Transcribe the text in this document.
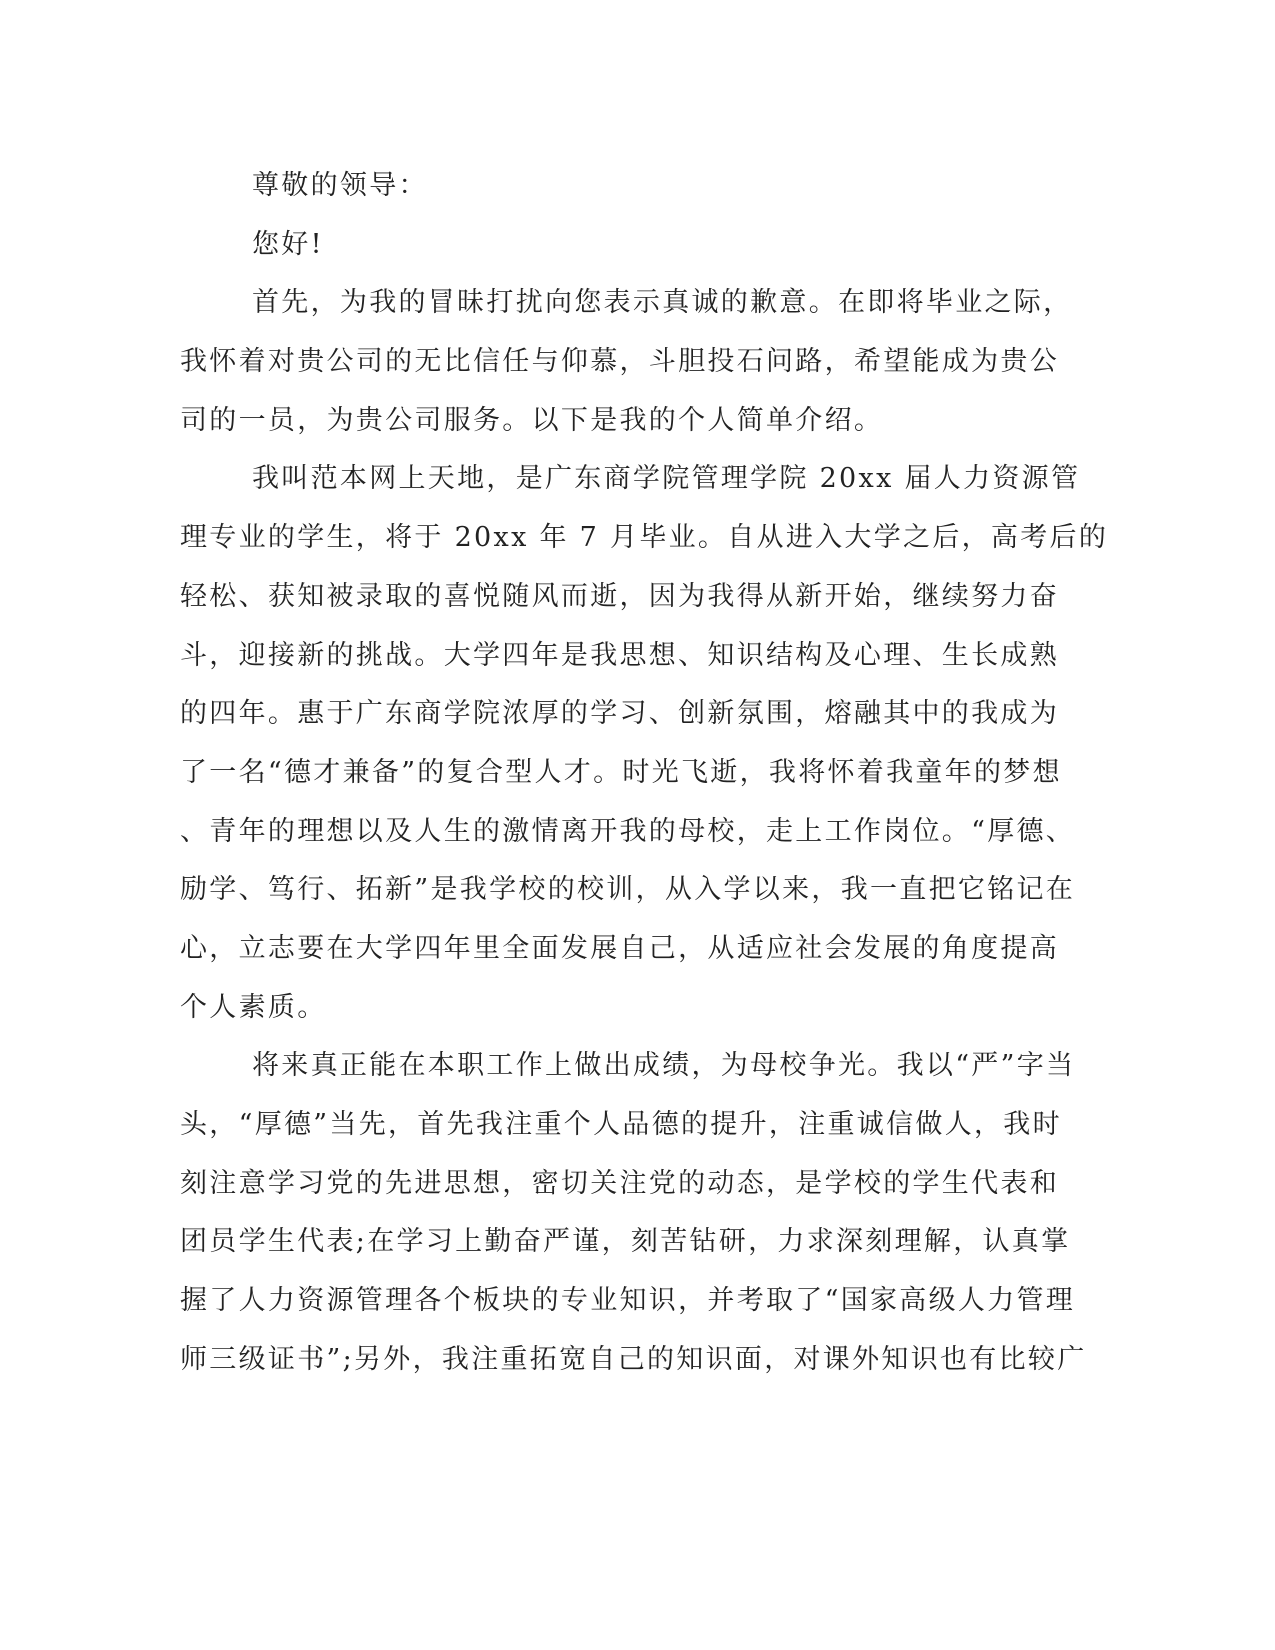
尊敬的领导：
您好!
首先，为我的冒昧打扰向您表示真诚的歉意。在即将毕业之际，
我怀着对贵公司的无比信任与仰慕，斗胆投石问路，希望能成为贵公
司的一员，为贵公司服务。以下是我的个人简单介绍。
我叫范本网上天地，是广东商学院管理学院 20xx 届人力资源管
理专业的学生，将于 20xx 年 7 月毕业。自从进入大学之后，高考后的
轻松、获知被录取的喜悦随风而逝，因为我得从新开始，继续努力奋
斗，迎接新的挑战。大学四年是我思想、知识结构及心理、生长成熟
的四年。惠于广东商学院浓厚的学习、创新氛围，熔融其中的我成为
了一名“德才兼备”的复合型人才。时光飞逝，我将怀着我童年的梦想
、青年的理想以及人生的激情离开我的母校，走上工作岗位。“厚德、
励学、笃行、拓新”是我学校的校训，从入学以来，我一直把它铭记在
心，立志要在大学四年里全面发展自己，从适应社会发展的角度提高
个人素质。
将来真正能在本职工作上做出成绩，为母校争光。我以“严”字当
头，“厚德”当先，首先我注重个人品德的提升，注重诚信做人，我时
刻注意学习党的先进思想，密切关注党的动态，是学校的学生代表和
团员学生代表;在学习上勤奋严谨，刻苦钻研，力求深刻理解，认真掌
握了人力资源管理各个板块的专业知识，并考取了“国家高级人力管理
师三级证书”;另外，我注重拓宽自己的知识面，对课外知识也有比较广
